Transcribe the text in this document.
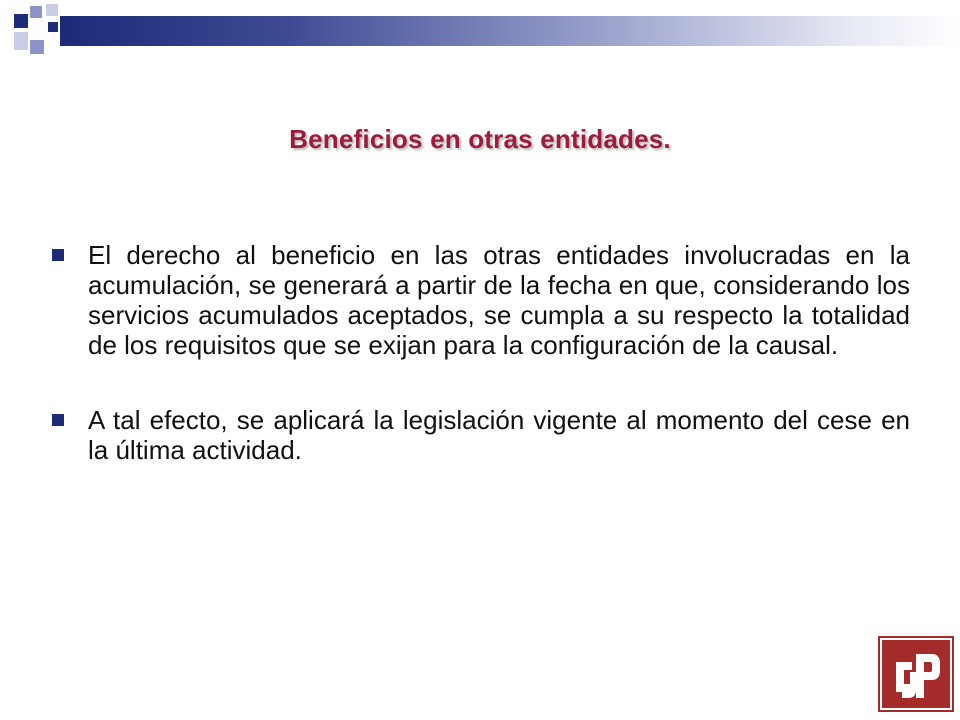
Beneficios en otras entidades.
El derecho al beneficio en las otras entidades involucradas en la acumulación, se generará a partir de la fecha en que, considerando los servicios acumulados aceptados, se cumpla a su respecto la totalidad de los requisitos que se exijan para la configuración de la causal.
A tal efecto, se aplicará la legislación vigente al momento del cese en la última actividad.
